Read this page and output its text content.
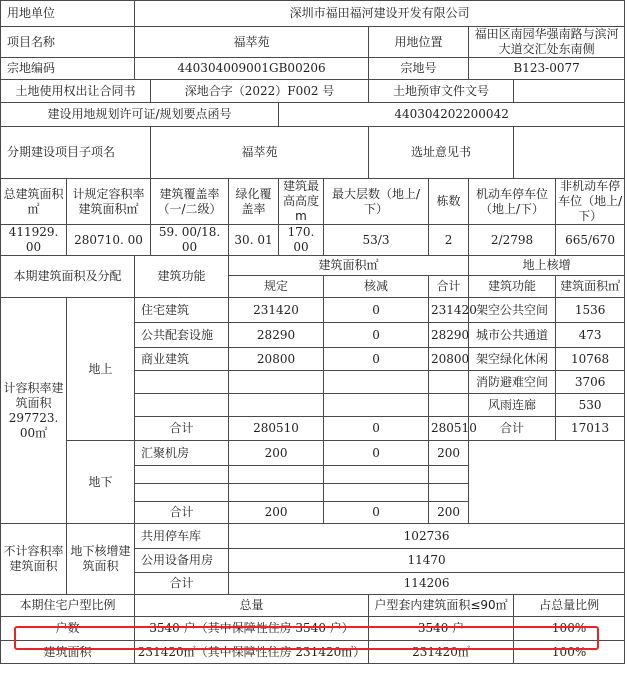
用地单位		深圳市福田福河建设开发有限公司									
项目名称		福萃苑					用地位置		福田区南园华强南路与滨河大道交汇处东南侧		
宗地编码		440304009001GB00206					宗地号		B123-0077		
土地使用权出让合同书			深地合字（2022）F002 号				土地预审文件文号				
建设用地规划许可证/规划要点函号					440304202200042						
分期建设项目子项名			福萃苑				选址意见书				
总建筑面积㎡	计规定容积率建筑面积㎡		建筑覆盖率（一/二级）	绿化覆盖率	建筑最高高度 m	最大层数（地上/下）		栋数	机动车停车位（地上/下）		非机动车停车位（地上/下）
411929. 00	280710. 00		59. 00/18. 00	30. 01	170. 00	53/3		2	2/2798		665/670
本期建筑面积及分配		建筑功能		建筑面积㎡					地上核增		
				规定		核减		合计	建筑功能		建筑面积㎡
计容积率建筑面积 297723. 00㎡	地上	住宅建筑		231420		0		231420	架空公共空间		1536
		公共配套设施		28290		0		28290	城市公共通道		473
		商业建筑		20800		0		20800	架空绿化休闲		10768
									消防避难空间		3706
									风雨连廊		530
		合计		280510		0		280510	合计		17013
	地下	汇聚机房		200		0		200			

		合计		200		0		200			
不计容积率建筑面积	地下核增建筑面积	共用停车库		102736							
		公用设备用房		11470							
		合计		114206							
本期住宅户型比例		总量					户型套内建筑面积≤90㎡			占总量比例	
户数		3540 户（其中保障性住房 3540 户）					3540 户			100%	
建筑面积		231420㎡（其中保障性住房 231420㎡）					231420㎡			100%	
